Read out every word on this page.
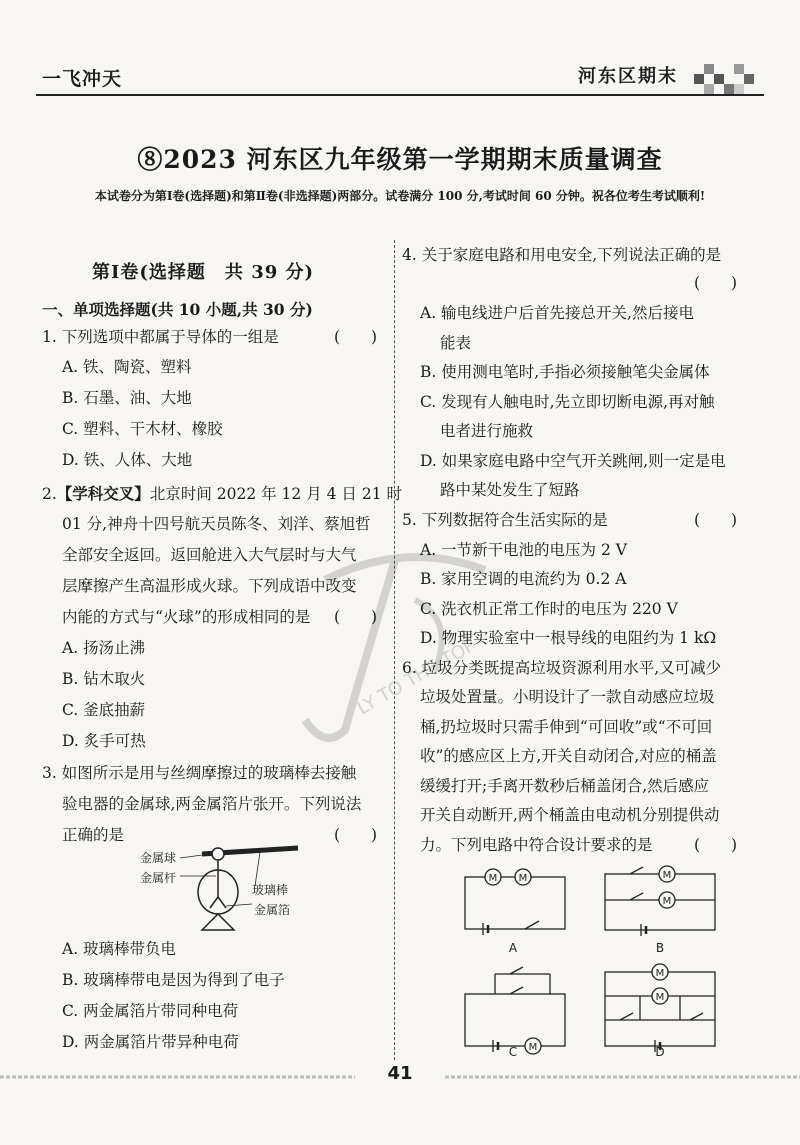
一飞冲天	河东区期末
⑧2023 河东区九年级第一学期期末质量调查
本试卷分为第Ⅰ卷(选择题)和第Ⅱ卷(非选择题)两部分。试卷满分 100 分,考试时间 60 分钟。祝各位考生考试顺利!
LY TO THE TOP
第Ⅰ卷(选择题　共 39 分)
一、单项选择题(共 10 小题,共 30 分)
1. 下列选项中都属于导体的一组是	(　　)
A. 铁、陶瓷、塑料
B. 石墨、油、大地
C. 塑料、干木材、橡胶
D. 铁、人体、大地
2.【学科交叉】北京时间 2022 年 12 月 4 日 21 时
01 分,神舟十四号航天员陈冬、刘洋、蔡旭哲
全部安全返回。返回舱进入大气层时与大气
层摩擦产生高温形成火球。下列成语中改变
内能的方式与“火球”的形成相同的是 (　　)
A. 扬汤止沸
B. 钻木取火
C. 釜底抽薪
D. 炙手可热
3. 如图所示是用与丝绸摩擦过的玻璃棒去接触
验电器的金属球,两金属箔片张开。下列说法
正确的是	(　　)
金属球
金属杆
玻璃棒
金属箔
A. 玻璃棒带负电
B. 玻璃棒带电是因为得到了电子
C. 两金属箔片带同种电荷
D. 两金属箔片带异种电荷
4. 关于家庭电路和用电安全,下列说法正确的是
(　　)
A. 输电线进户后首先接总开关,然后接电
能表
B. 使用测电笔时,手指必须接触笔尖金属体
C. 发现有人触电时,先立即切断电源,再对触
电者进行施救
D. 如果家庭电路中空气开关跳闸,则一定是电
路中某处发生了短路
5. 下列数据符合生活实际的是	(　　)
A. 一节新干电池的电压为 2 V
B. 家用空调的电流约为 0.2 A
C. 洗衣机正常工作时的电压为 220 V
D. 物理实验室中一根导线的电阻约为 1 kΩ
6. 垃圾分类既提高垃圾资源利用水平,又可减少
垃圾处置量。小明设计了一款自动感应垃圾
桶,扔垃圾时只需手伸到“可回收”或“不可回
收”的感应区上方,开关自动闭合,对应的桶盖
缓缓打开;手离开数秒后桶盖闭合,然后感应
开关自动断开,两个桶盖由电动机分别提供动
力。下列电路中符合设计要求的是	(　　)
M M	M
M
M
M
M
A	B
C	D
41
